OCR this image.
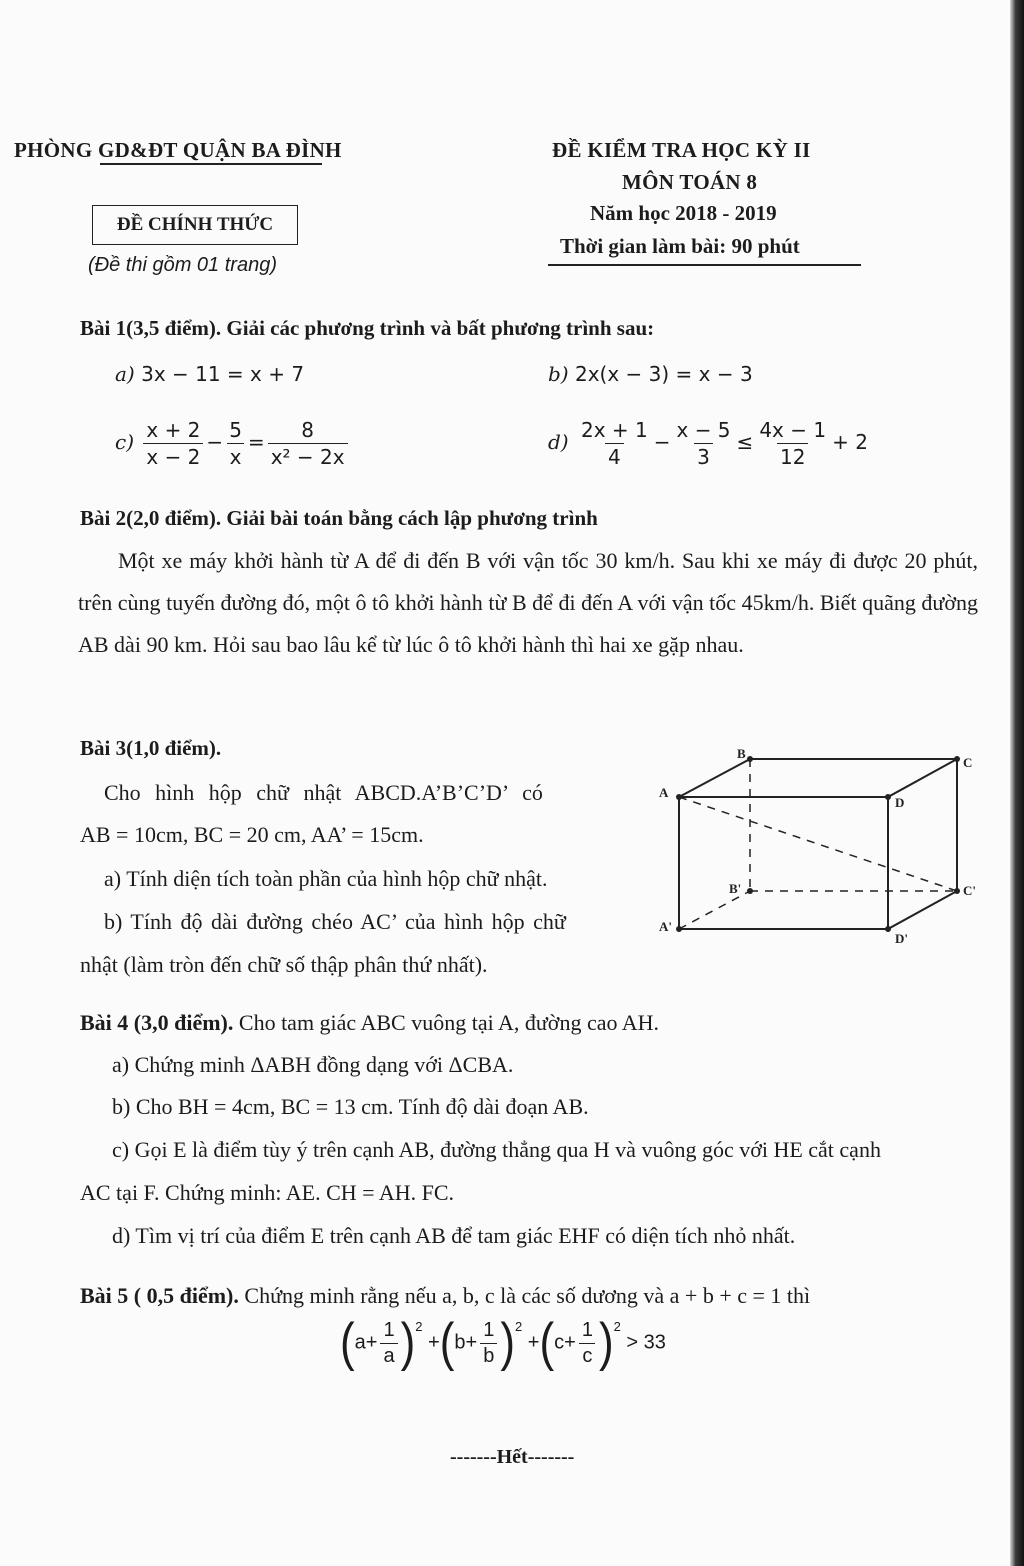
PHÒNG GD&ĐT QUẬN BA ĐÌNH
ĐỀ CHÍNH THỨC
(Đề thi gồm 01 trang)
ĐỀ KIỂM TRA HỌC KỲ II
MÔN TOÁN 8
Năm học 2018 - 2019
Thời gian làm bài: 90 phút
Bài 1(3,5 điểm). Giải các phương trình và bất phương trình sau:
a) 3x − 11 = x + 7	b) 2x(x − 3) = x − 3
$c) \frac{x + 2}{x - 2} - \frac{5}{x} = \frac{8}{\text{x² − 2x}}$	$d) \frac{2x + 1}{4} - \frac{x - 5}{3} \le \frac{4x - 1}{12} + 2$
Bài 2(2,0 điểm). Giải bài toán bằng cách lập phương trình
Một xe máy khởi hành từ A để đi đến B với vận tốc 30 km/h. Sau khi xe máy đi được 20 phút, trên cùng tuyến đường đó, một ô tô khởi hành từ B để đi đến A với vận tốc 45km/h. Biết quãng đường AB dài 90 km. Hỏi sau bao lâu kể từ lúc ô tô khởi hành thì hai xe gặp nhau.
Bài 3(1,0 điểm).
Cho hình hộp chữ nhật ABCD.A’B’C’D’ có
AB = 10cm, BC = 20 cm, AA’ = 15cm.
a) Tính diện tích toàn phần của hình hộp chữ nhật.
b) Tính độ dài đường chéo AC’ của hình hộp chữ
nhật (làm tròn đến chữ số thập phân thứ nhất).
A
B
C
D
A'
B'	C'
D'
Bài 4 (3,0 điểm). Cho tam giác ABC vuông tại A, đường cao AH.
a) Chứng minh ΔABH đồng dạng với ΔCBA.
b) Cho BH = 4cm, BC = 13 cm. Tính độ dài đoạn AB.
c) Gọi E là điểm tùy ý trên cạnh AB, đường thẳng qua H và vuông góc với HE cắt cạnh
AC tại F. Chứng minh: AE. CH = AH. FC.
d) Tìm vị trí của điểm E trên cạnh AB để tam giác EHF có diện tích nhỏ nhất.
Bài 5 ( 0,5 điểm). Chứng minh rằng nếu a, b, c là các số dương và a + b + c = 1 thì
$(a+ \frac{1}{a} )^2 +(b+ \frac{1}{b} )^2 +(c+ \frac{1}{c} )^2 > 33$
-------Hết-------
